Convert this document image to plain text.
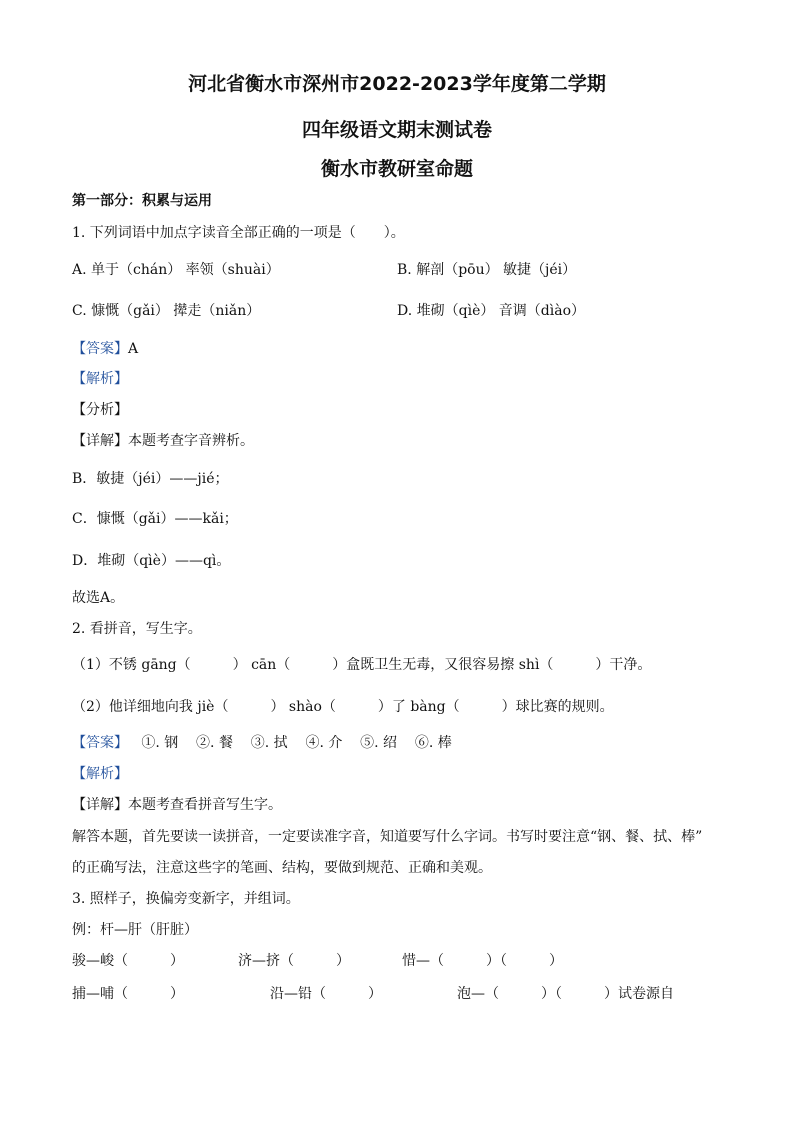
河北省衡水市深州市2022-2023学年度第二学期
四年级语文期末测试卷
衡水市教研室命题
第一部分：积累与运用
1. 下列词语中加点字读音全部正确的一项是（　　）。
A. 单于（chán） 率领（shuài）	B. 解剖（pōu） 敏捷（jéi）
C. 慷慨（gǎi） 撵走（niǎn）	D. 堆砌（qìè） 音调（dìào）
【答案】A
【解析】
【分析】
【详解】本题考查字音辨析。
B．敏捷（jéi）——jié；
C．慷慨（gǎi）——kǎi；
D．堆砌（qìè）——qì。
故选A。
2. 看拼音，写生字。
（1）不锈 gāng（　　　） cān（　　　）盒既卫生无毒，又很容易擦 shì（　　　）干净。
（2）他详细地向我 jiè（　　　） shào（　　　）了 bàng（　　　）球比赛的规则。
【答案】   ①. 钢    ②. 餐    ③. 拭    ④. 介    ⑤. 绍    ⑥. 棒
【解析】
【详解】本题考查看拼音写生字。
解答本题，首先要读一读拼音，一定要读准字音，知道要写什么字词。书写时要注意“钢、餐、拭、棒”
的正确写法，注意这些字的笔画、结构，要做到规范、正确和美观。
3. 照样子，换偏旁变新字，并组词。
例：杆—肝（肝脏）
骏—峻（　　　）	济—挤（　　　）	惜—（　　　）（　　　）
捕—哺（　　　）	沿—铅（　　　）	泡—（　　　）（　　　）试卷源自
